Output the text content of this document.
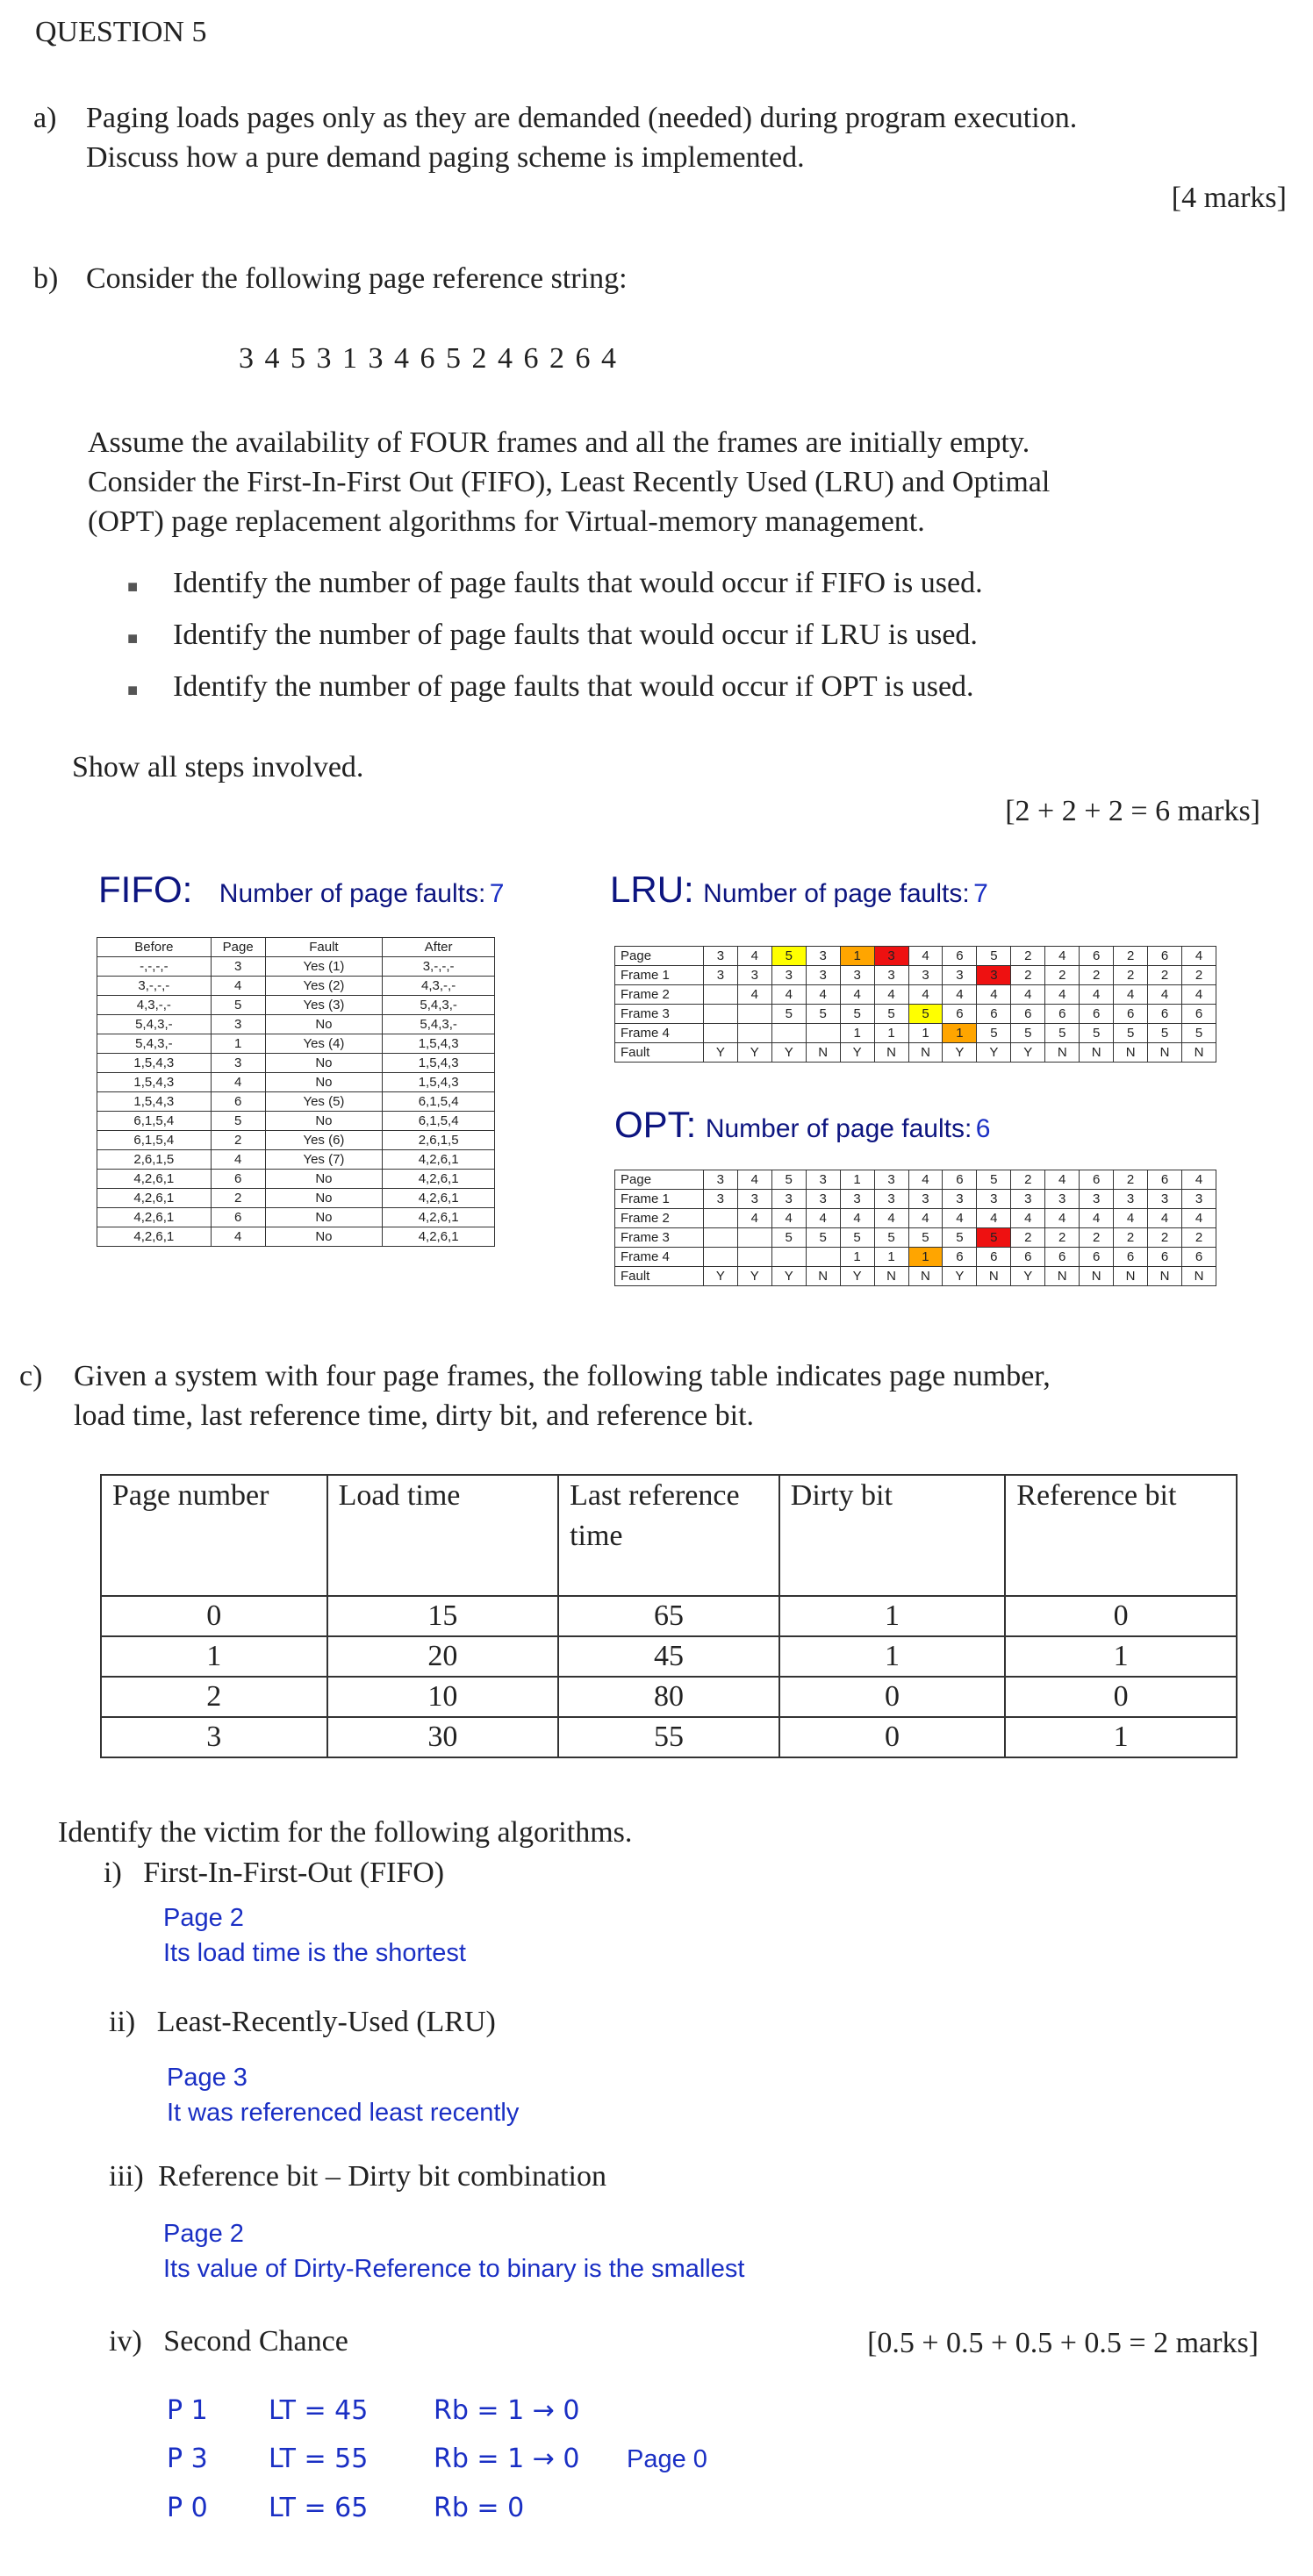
QUESTION 5
a) Paging loads pages only as they are demanded (needed) during program execution.
Discuss how a pure demand paging scheme is implemented.
[4 marks]
b) Consider the following page reference string:
3 4 5 3 1 3 4 6 5 2 4 6 2 6 4
Assume the availability of FOUR frames and all the frames are initially empty.
Consider the First-In-First Out (FIFO), Least Recently Used (LRU) and Optimal
(OPT) page replacement algorithms for Virtual-memory management.
■ Identify the number of page faults that would occur if FIFO is used.
■ Identify the number of page faults that would occur if LRU is used.
■ Identify the number of page faults that would occur if OPT is used.
Show all steps involved.
[2 + 2 + 2 = 6 marks]
FIFO: Number of page faults: 7
Before	Page	Fault	After
-,-,-,-	3	Yes (1)	3,-,-,-
3,-,-,-	4	Yes (2)	4,3,-,-
4,3,-,-	5	Yes (3)	5,4,3,-
5,4,3,-	3	No	5,4,3,-
5,4,3,-	1	Yes (4)	1,5,4,3
1,5,4,3	3	No	1,5,4,3
1,5,4,3	4	No	1,5,4,3
1,5,4,3	6	Yes (5)	6,1,5,4
6,1,5,4	5	No	6,1,5,4
6,1,5,4	2	Yes (6)	2,6,1,5
2,6,1,5	4	Yes (7)	4,2,6,1
4,2,6,1	6	No	4,2,6,1
4,2,6,1	2	No	4,2,6,1
4,2,6,1	6	No	4,2,6,1
4,2,6,1	4	No	4,2,6,1
LRU: Number of page faults: 7
Page	3	4	5	3	1	3	4	6	5	2	4	6	2	6	4
Frame 1	3	3	3	3	3	3	3	3	3	2	2	2	2	2	2
Frame 2		4	4	4	4	4	4	4	4	4	4	4	4	4	4
Frame 3			5	5	5	5	5	6	6	6	6	6	6	6	6
Frame 4					1	1	1	1	5	5	5	5	5	5	5
Fault	Y	Y	Y	N	Y	N	N	Y	Y	Y	N	N	N	N	N
OPT: Number of page faults: 6
Page	3	4	5	3	1	3	4	6	5	2	4	6	2	6	4
Frame 1	3	3	3	3	3	3	3	3	3	3	3	3	3	3	3
Frame 2		4	4	4	4	4	4	4	4	4	4	4	4	4	4
Frame 3			5	5	5	5	5	5	5	2	2	2	2	2	2
Frame 4					1	1	1	6	6	6	6	6	6	6	6
Fault	Y	Y	Y	N	Y	N	N	Y	N	Y	N	N	N	N	N
c) Given a system with four page frames, the following table indicates page number,
load time, last reference time, dirty bit, and reference bit.
Page number	Load time	Last reference time	Dirty bit	Reference bit
0	15	65	1	0
1	20	45	1	1
2	10	80	0	0
3	30	55	0	1
Identify the victim for the following algorithms.
i) First-In-First-Out (FIFO)
Page 2
Its load time is the shortest
ii) Least-Recently-Used (LRU)
Page 3
It was referenced least recently
iii) Reference bit – Dirty bit combination
Page 2
Its value of Dirty-Reference to binary is the smallest
iv) Second Chance	[0.5 + 0.5 + 0.5 + 0.5 = 2 marks]
P 1 LT = 45 Rb = 1 → 0
P 3 LT = 55 Rb = 1 → 0 Page 0
P 0 LT = 65 Rb = 0
